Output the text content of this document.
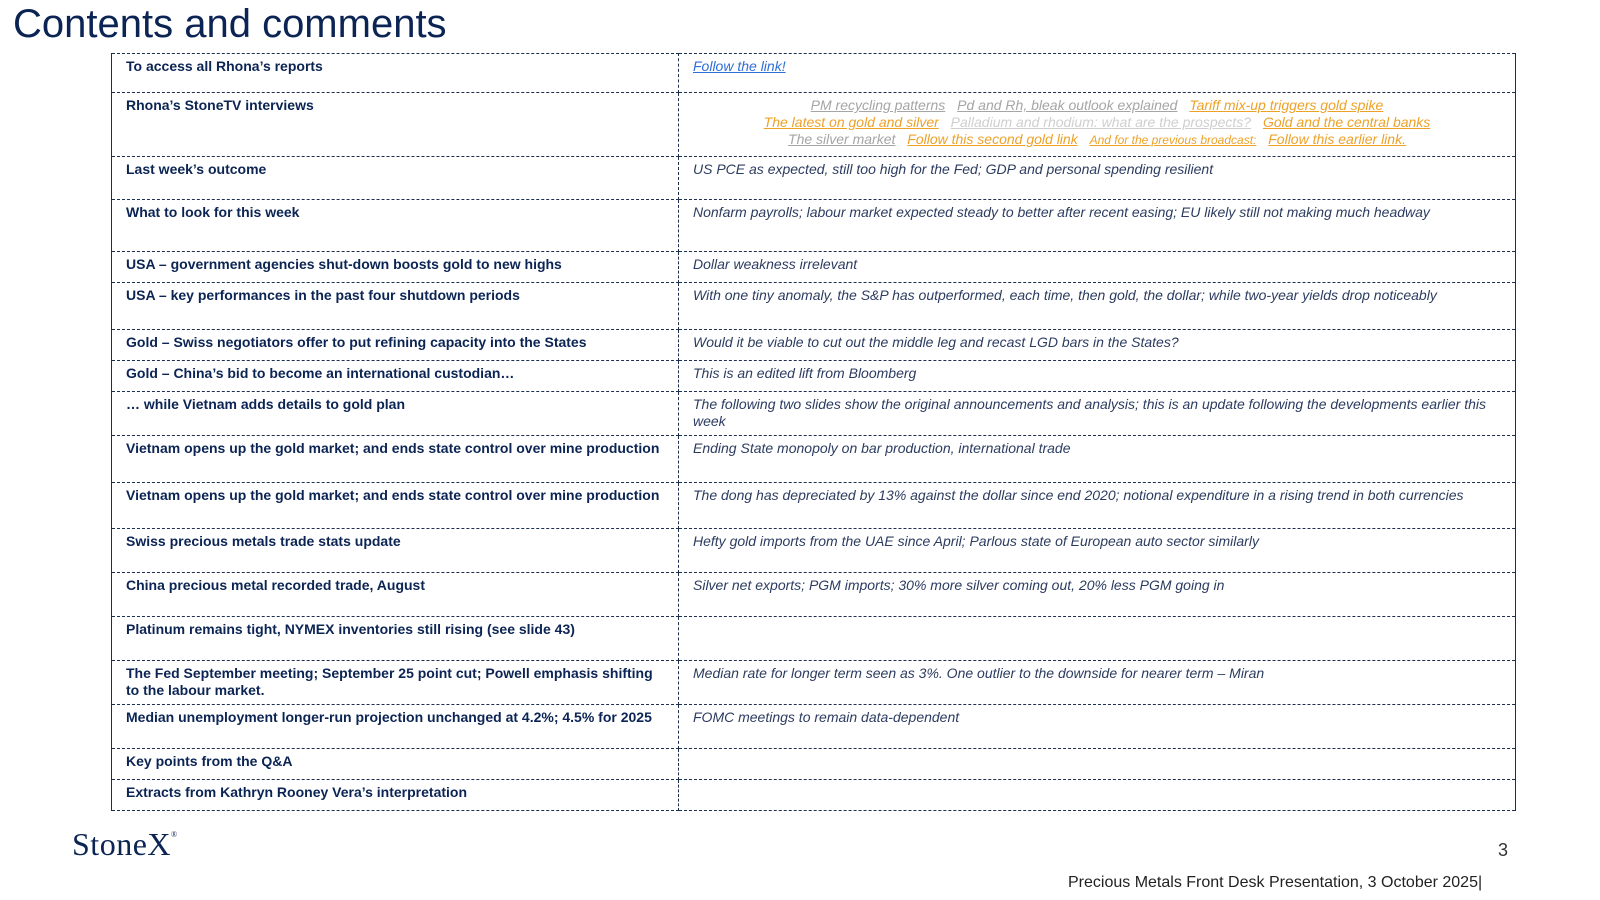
Contents and comments
To access all Rhona’s reports	Follow the link!
Rhona’s StoneTV interviews	PM recycling patterns Pd and Rh, bleak outlook explained Tariff mix-up triggers gold spike
The latest on gold and silver Palladium and rhodium: what are the prospects? Gold and the central banks
The silver market Follow this second gold link And for the previous broadcast: Follow this earlier link.

Last week’s outcome	US PCE as expected, still too high for the Fed; GDP and personal spending resilient
What to look for this week	Nonfarm payrolls; labour market expected steady to better after recent easing; EU likely still not making much headway
USA – government agencies shut-down boosts gold to new highs	Dollar weakness irrelevant
USA – key performances in the past four shutdown periods	With one tiny anomaly, the S&P has outperformed, each time, then gold, the dollar; while two-year yields drop noticeably
Gold – Swiss negotiators offer to put refining capacity into the States	Would it be viable to cut out the middle leg and recast LGD bars in the States?
Gold – China’s bid to become an international custodian…	This is an edited lift from Bloomberg
… while Vietnam adds details to gold plan	The following two slides show the original announcements and analysis; this is an update following the developments earlier this week
Vietnam opens up the gold market; and ends state control over mine production	Ending State monopoly on bar production, international trade
Vietnam opens up the gold market; and ends state control over mine production	The dong has depreciated by 13% against the dollar since end 2020; notional expenditure in a rising trend in both currencies
Swiss precious metals trade stats update	Hefty gold imports from the UAE since April; Parlous state of European auto sector similarly
China precious metal recorded trade, August	Silver net exports; PGM imports; 30% more silver coming out, 20% less PGM going in
Platinum remains tight, NYMEX inventories still rising (see slide 43)	
The Fed September meeting; September 25 point cut; Powell emphasis shifting to the labour market.	Median rate for longer term seen as 3%. One outlier to the downside for nearer term – Miran
Median unemployment longer-run projection unchanged at 4.2%; 4.5% for 2025	FOMC meetings to remain data-dependent
Key points from the Q&A	
Extracts from Kathryn Rooney Vera’s interpretation	
StoneX®
3
Precious Metals Front Desk Presentation, 3 October 2025|
